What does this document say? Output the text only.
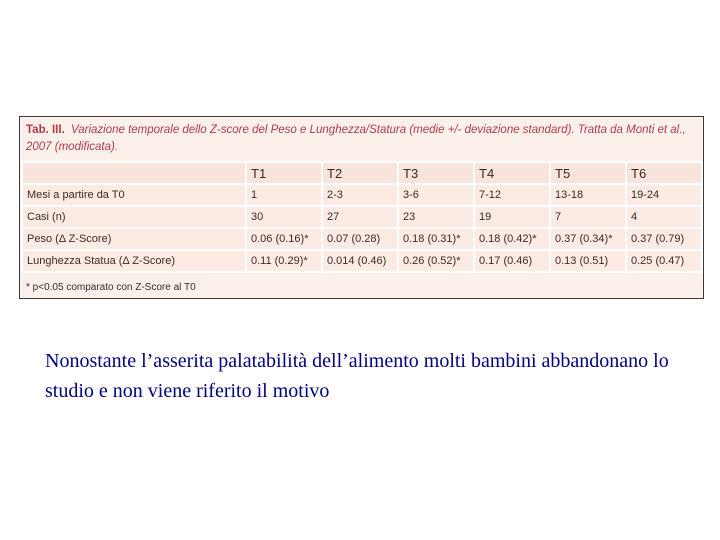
Tab. III. Variazione temporale dello Z-score del Peso e Lunghezza/Statura (medie +/- deviazione standard). Tratta da Monti et al., 2007 (modificata).
	T1	T2	T3	T4	T5	T6
Mesi a partire da T0	1	2-3	3-6	7-12	13-18	19-24
Casi (n)	30	27	23	19	7	4
Peso (Δ Z-Score)	0.06 (0.16)*	0.07 (0.28)	0.18 (0.31)*	0.18 (0.42)*	0.37 (0.34)*	0.37 (0.79)
Lunghezza Statua (Δ Z-Score)	0.11 (0.29)*	0.014 (0.46)	0.26 (0.52)*	0.17 (0.46)	0.13 (0.51)	0.25 (0.47)
* p<0.05 comparato con Z-Score al T0
Nonostante l’asserita palatabilità dell’alimento molti bambini abbandonano lo studio e non viene riferito il motivo
